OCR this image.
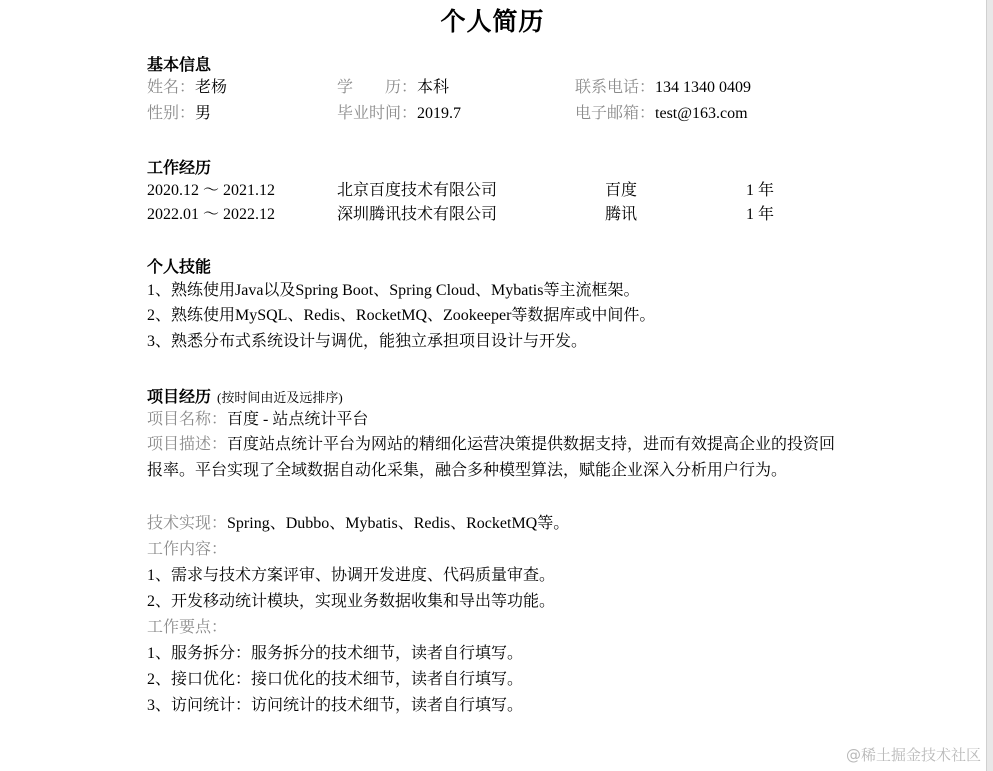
个人简历
基本信息
姓名：老杨	学　　历：本科	联系电话：134 1340 0409
性别：男	毕业时间：2019.7	电子邮箱：test@163.com
工作经历
2020.12 ～ 2021.12	北京百度技术有限公司	百度	1 年
2022.01 ～ 2022.12	深圳腾讯技术有限公司	腾讯	1 年
个人技能
1、熟练使用Java以及Spring Boot、Spring Cloud、Mybatis等主流框架。
2、熟练使用MySQL、Redis、RocketMQ、Zookeeper等数据库或中间件。
3、熟悉分布式系统设计与调优，能独立承担项目设计与开发。
项目经历 (按时间由近及远排序)
项目名称：百度 - 站点统计平台
项目描述：百度站点统计平台为网站的精细化运营决策提供数据支持，进而有效提高企业的投资回报率。平台实现了全域数据自动化采集，融合多种模型算法，赋能企业深入分析用户行为。
技术实现：Spring、Dubbo、Mybatis、Redis、RocketMQ等。
工作内容：
1、需求与技术方案评审、协调开发进度、代码质量审查。
2、开发移动统计模块，实现业务数据收集和导出等功能。
工作要点：
1、服务拆分：服务拆分的技术细节，读者自行填写。
2、接口优化：接口优化的技术细节，读者自行填写。
3、访问统计：访问统计的技术细节，读者自行填写。
@稀土掘金技术社区
